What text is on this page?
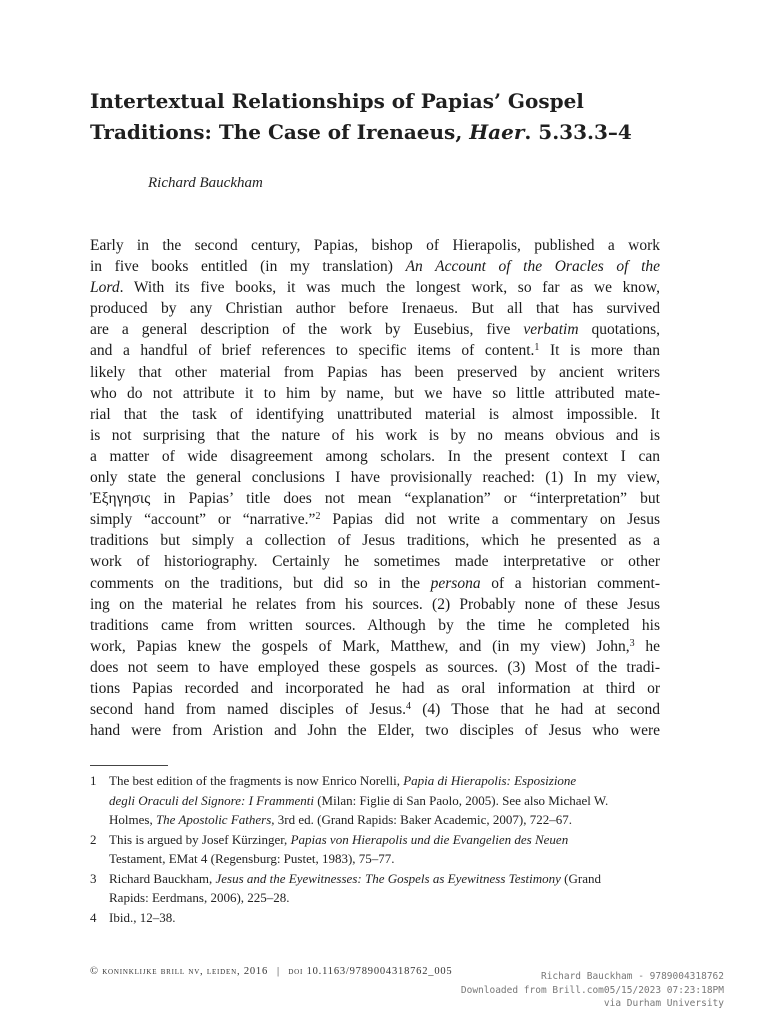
Intertextual Relationships of Papias’ Gospel
Traditions: The Case of Irenaeus, Haer. 5.33.3–4
Richard Bauckham
Early in the second century, Papias, bishop of Hierapolis, published a work
in five books entitled (in my translation) An Account of the Oracles of the
Lord. With its five books, it was much the longest work, so far as we know,
produced by any Christian author before Irenaeus. But all that has survived
are a general description of the work by Eusebius, five verbatim quotations,
and a handful of brief references to specific items of content.$^1$ It is more than
likely that other material from Papias has been preserved by ancient writers
who do not attribute it to him by name, but we have so little attributed mate-
rial that the task of identifying unattributed material is almost impossible. It
is not surprising that the nature of his work is by no means obvious and is
a matter of wide disagreement among scholars. In the present context I can
only state the general conclusions I have provisionally reached: (1) In my view,
Ἐξηγησις in Papias’ title does not mean “explanation” or “interpretation” but
simply “account” or “narrative.”$^2$ Papias did not write a commentary on Jesus
traditions but simply a collection of Jesus traditions, which he presented as a
work of historiography. Certainly he sometimes made interpretative or other
comments on the traditions, but did so in the persona of a historian comment-
ing on the material he relates from his sources. (2) Probably none of these Jesus
traditions came from written sources. Although by the time he completed his
work, Papias knew the gospels of Mark, Matthew, and (in my view) John,$^3$ he
does not seem to have employed these gospels as sources. (3) Most of the tradi-
tions Papias recorded and incorporated he had as oral information at third or
second hand from named disciples of Jesus.$^4$ (4) Those that he had at second
hand were from Aristion and John the Elder, two disciples of Jesus who were
1 The best edition of the fragments is now Enrico Norelli, Papia di Hierapolis: Esposizione
degli Oraculi del Signore: I Frammenti (Milan: Figlie di San Paolo, 2005). See also Michael W.
Holmes, The Apostolic Fathers, 3rd ed. (Grand Rapids: Baker Academic, 2007), 722–67.
2 This is argued by Josef Kürzinger, Papias von Hierapolis und die Evangelien des Neuen
Testament, EMat 4 (Regensburg: Pustet, 1983), 75–77.
3 Richard Bauckham, Jesus and the Eyewitnesses: The Gospels as Eyewitness Testimony (Grand
Rapids: Eerdmans, 2006), 225–28.
4 Ibid., 12–38.
© koninklijke brill nv, leiden, 2016 | doi 10.1163/9789004318762_005	Richard Bauckham - 9789004318762
Downloaded from Brill.com05/15/2023 07:23:18PM
via Durham University
